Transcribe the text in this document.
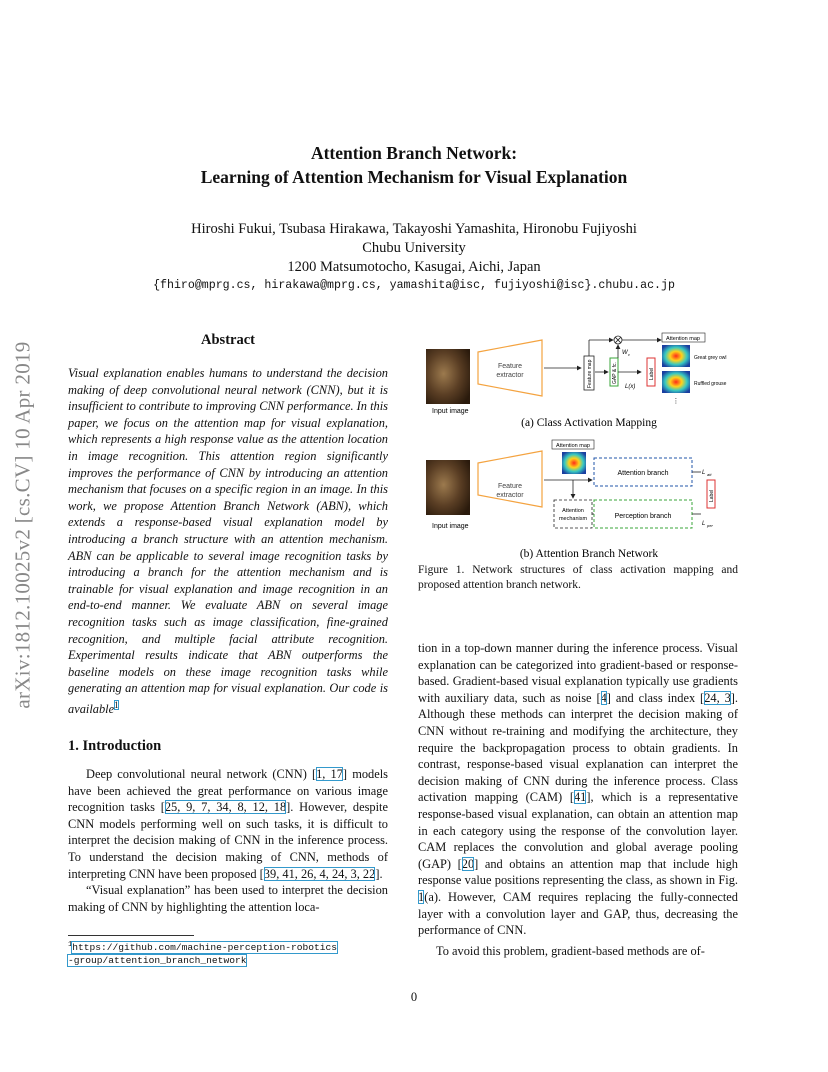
arXiv:1812.10025v2 [cs.CV] 10 Apr 2019
Attention Branch Network:
Learning of Attention Mechanism for Visual Explanation
Hiroshi Fukui, Tsubasa Hirakawa, Takayoshi Yamashita, Hironobu Fujiyoshi
Chubu University
1200 Matsumotocho, Kasugai, Aichi, Japan
{fhiro@mprg.cs, hirakawa@mprg.cs, yamashita@isc, fujiyoshi@isc}.chubu.ac.jp
Abstract
Visual explanation enables humans to understand the decision making of deep convolutional neural network (CNN), but it is insufficient to contribute to improving CNN performance. In this paper, we focus on the attention map for visual explanation, which represents a high response value as the attention location in image recognition. This attention region significantly improves the performance of CNN by introducing an attention mechanism that focuses on a specific region in an image. In this work, we propose Attention Branch Network (ABN), which extends a response-based visual explanation model by introducing a branch structure with an attention mechanism. ABN can be applicable to several image recognition tasks by introducing a branch for the attention mechanism and is trainable for visual explanation and image recognition in an end-to-end manner. We evaluate ABN on several image recognition tasks such as image classification, fine-grained recognition, and multiple facial attribute recognition. Experimental results indicate that ABN outperforms the baseline models on these image recognition tasks while generating an attention map for visual explanation. Our code is available$^1$
1. Introduction

Deep convolutional neural network (CNN) [1, 17] models have been achieved the great performance on various image recognition tasks [25, 9, 7, 34, 8, 12, 18]. However, despite CNN models performing well on such tasks, it is difficult to interpret the decision making of CNN in the inference process. To understand the decision making of CNN, methods of interpreting CNN have been proposed [39, 41, 26, 4, 24, 3, 22].

“Visual explanation” has been used to interpret the decision making of CNN by highlighting the attention loca-

$^1$https://github.com/machine-perception-robotics
-group/attention_branch_network
Input image
Feature
extractor	Feature map	GAP & fc.
W c
Attention map
Great grey owl
Ruffled grouse
⋮
Label
L(x)
(a) Class Activation Mapping
Input image
Feature
extractor
Attention map
Attention branch
Perception branch
Attention
mechanism
Label
L att
L per
(b) Attention Branch Network
Figure 1. Network structures of class activation mapping and proposed attention branch network.

tion in a top-down manner during the inference process. Visual explanation can be categorized into gradient-based or response-based. Gradient-based visual explanation typically use gradients with auxiliary data, such as noise [4] and class index [24, 3]. Although these methods can interpret the decision making of CNN without re-training and modifying the architecture, they require the backpropagation process to obtain gradients. In contrast, response-based visual explanation can interpret the decision making of CNN during the inference process. Class activation mapping (CAM) [41], which is a representative response-based visual explanation, can obtain an attention map in each category using the response of the convolution layer. CAM replaces the convolution and global average pooling (GAP) [20] and obtains an attention map that include high response value positions representing the class, as shown in Fig. 1(a). However, CAM requires replacing the fully-connected layer with a convolution layer and GAP, thus, decreasing the performance of CNN.

To avoid this problem, gradient-based methods are of-

0
